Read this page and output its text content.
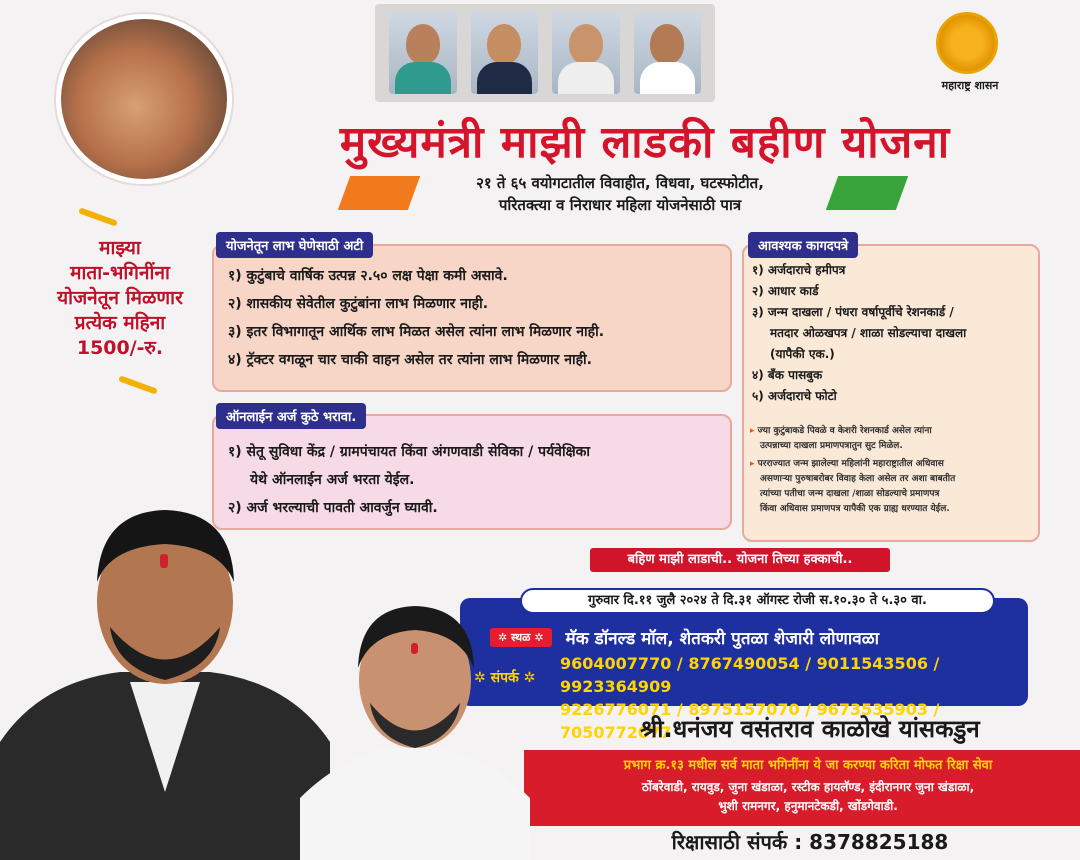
महाराष्ट्र शासन
मुख्यमंत्री माझी लाडकी बहीण योजना
२१ ते ६५ वयोगटातील विवाहीत, विधवा, घटस्फोटीत,
परितक्त्या व निराधार महिला योजनेसाठी पात्र
माझ्या
माता-भगिनींना
योजनेतून मिळणार
प्रत्येक महिना
1500/-रु.
योजनेतून लाभ घेणेसाठी अटी
१) कुटुंबाचे वार्षिक उत्पन्न २.५० लक्ष पेक्षा कमी असावे.
२) शासकीय सेवेतील कुटुंबांना लाभ मिळणार नाही.
३) इतर विभागातून आर्थिक लाभ मिळत असेल त्यांना लाभ मिळणार नाही.
४) ट्रॅक्टर वगळून चार चाकी वाहन असेल तर त्यांना लाभ मिळणार नाही.
ऑनलाईन अर्ज कुठे भरावा.
१) सेतू सुविधा केंद्र / ग्रामपंचायत किंवा अंगणवाडी सेविका / पर्यवेक्षिका
येथे ऑनलाईन अर्ज भरता येईल.
२) अर्ज भरल्याची पावती आवर्जुन घ्यावी.
आवश्यक कागदपत्रे
१) अर्जदाराचे हमीपत्र
२) आधार कार्ड
३) जन्म दाखला / पंधरा वर्षापूर्वीचे रेशनकार्ड /
मतदार ओळखपत्र / शाळा सोडल्याचा दाखला
(यापैकी एक.)
४) बँक पासबुक
५) अर्जदाराचे फोटो
▸ ज्या कुटुंबाकडे पिवळे व केशरी रेशनकार्ड असेल त्यांना
उत्पन्नाच्या दाखला प्रमाणपत्रातुन सुट मिळेल.
▸ परराज्यात जन्म झालेल्या महिलांनी महाराष्ट्रातील अधिवास
असणाऱ्या पुरुषाबरोबर विवाह केला असेल तर अशा बाबतीत
त्यांच्या पतीचा जन्म दाखला /शाळा सोडल्याचे प्रमाणपत्र
किंवा अधिवास प्रमाणपत्र यापैकी एक ग्राह्य धरण्यात येईल.
बहिण माझी लाडाची.. योजना तिच्या हक्काची..
गुरुवार दि.११ जुलै २०२४ ते दि.३१ ऑगस्ट रोजी स.१०.३० ते ५.३० वा.
✲ स्थळ ✲	मॅक डॉनल्ड मॉल, शेतकरी पुतळा शेजारी लोणावळा
✲ संपर्क ✲
9604007770 / 8767490054 / 9011543506 / 9923364909
9226776071 / 8975157070 / 9673535903 / 7050772077
श्री.धनंजय वसंतराव काळोखे यांसकडुन
प्रभाग क्र.१३ मधील सर्व माता भगिनींना ये जा करण्या करिता मोफत रिक्षा सेवा
ठोंबरेवाडी, रायवुड, जुना खंडाळा, रस्टीक हायलॅण्ड, इंदीरानगर जुना खंडाळा,
भुशी रामनगर, हनुमानटेकडी, खोंडगेवाडी.
रिक्षासाठी संपर्क : 8378825188
